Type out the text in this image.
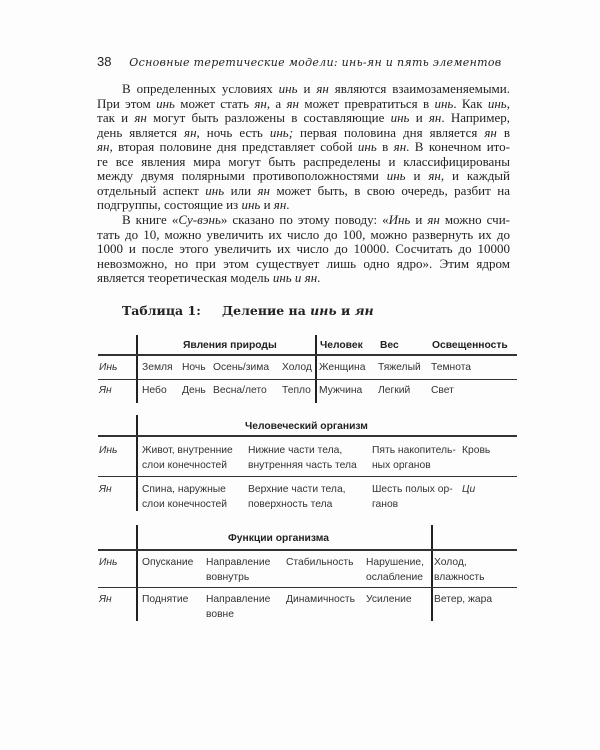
38 Основные теретические модели: инь-ян и пять элементов
В определенных условиях инь и ян являются взаимозаменяемыми.
При этом инь может стать ян, а ян может превратиться в инь. Как инь,
так и ян могут быть разложены в составляющие инь и ян. Например,
день является ян, ночь есть инь; первая половина дня является ян в
ян, вторая половине дня представляет собой инь в ян. В конечном ито-
ге все явления мира могут быть распределены и классифицированы
между двумя полярными противоположностями инь и ян, и каждый
отдельный аспект инь или ян может быть, в свою очередь, разбит на
подгруппы, состоящие из инь и ян.
В книге «Су-вэнь» сказано по этому поводу: «Инь и ян можно счи-
тать до 10, можно увеличить их число до 100, можно развернуть их до
1000 и после этого увеличить их число до 10000. Сосчитать до 10000
невозможно, но при этом существует лишь одно ядро». Этим ядром
является теоретическая модель инь и ян.
Таблица 1: Деление на инь и ян
Явления природы	Человек Вес	Освещенность
Инь
Ян
Земля
Небо
Ночь
День
Осень/зима
Весна/лето
Холод
Тепло
Женщина
Мужчина
Тяжелый
Легкий
Темнота
Свет
Человеческий организм
Инь
Ян
Живот, внутренние
Спина, наружные
слои конечностей
слои конечностей
Нижние части тела,
Верхние части тела,
внутренняя часть тела
поверхность тела
Пять накопитель-
Шесть полых ор-
ных органов
ганов
Кровь
Ци
Функции организма
Инь
Ян
Опускание
Поднятие
Направление
Направление
вовнутрь
вовне
Стабильность
Динамичность
Нарушение,
Усиление
ослабление
Холод,
Ветер, жара
влажность
